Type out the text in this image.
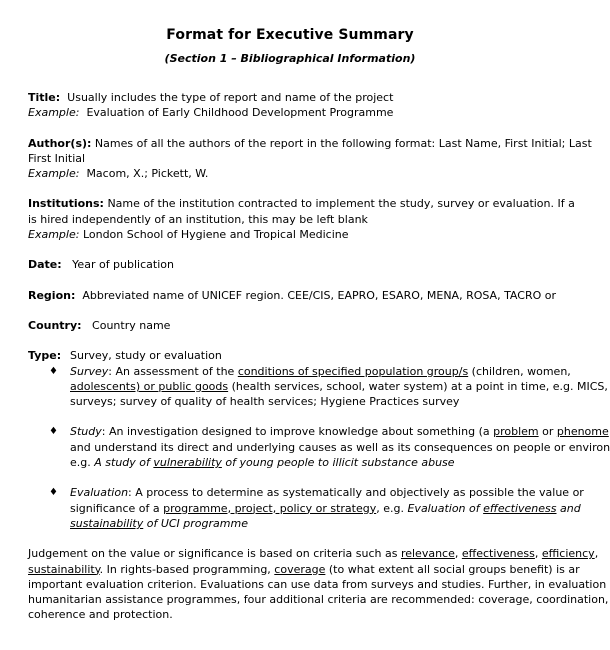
Format for Executive Summary
(Section 1 – Bibliographical Information)
Title: Usually includes the type of report and name of the project
Example: Evaluation of Early Childhood Development Programme
Author(s): Names of all the authors of the report in the following format: Last Name, First Initial; Last
First Initial
Example: Macom, X.; Pickett, W.
Institutions: Name of the institution contracted to implement the study, survey or evaluation. If a
is hired independently of an institution, this may be left blank
Example: London School of Hygiene and Tropical Medicine
Date: Year of publication
Region: Abbreviated name of UNICEF region. CEE/CIS, EAPRO, ESARO, MENA, ROSA, TACRO or
Country: Country name
Type: Survey, study or evaluation
♦ Survey: An assessment of the conditions of specified population group/s (children, women,
adolescents) or public goods (health services, school, water system) at a point in time, e.g. MICS,
surveys; survey of quality of health services; Hygiene Practices survey
♦ Study: An investigation designed to improve knowledge about something (a problem or phenome
and understand its direct and underlying causes as well as its consequences on people or environ
e.g. A study of vulnerability of young people to illicit substance abuse
♦ Evaluation: A process to determine as systematically and objectively as possible the value or
significance of a programme, project, policy or strategy, e.g. Evaluation of effectiveness and
sustainability of UCI programme
Judgement on the value or significance is based on criteria such as relevance, effectiveness, efficiency,
sustainability. In rights-based programming, coverage (to what extent all social groups benefit) is ar
important evaluation criterion. Evaluations can use data from surveys and studies. Further, in evaluation
humanitarian assistance programmes, four additional criteria are recommended: coverage, coordination,
coherence and protection.
